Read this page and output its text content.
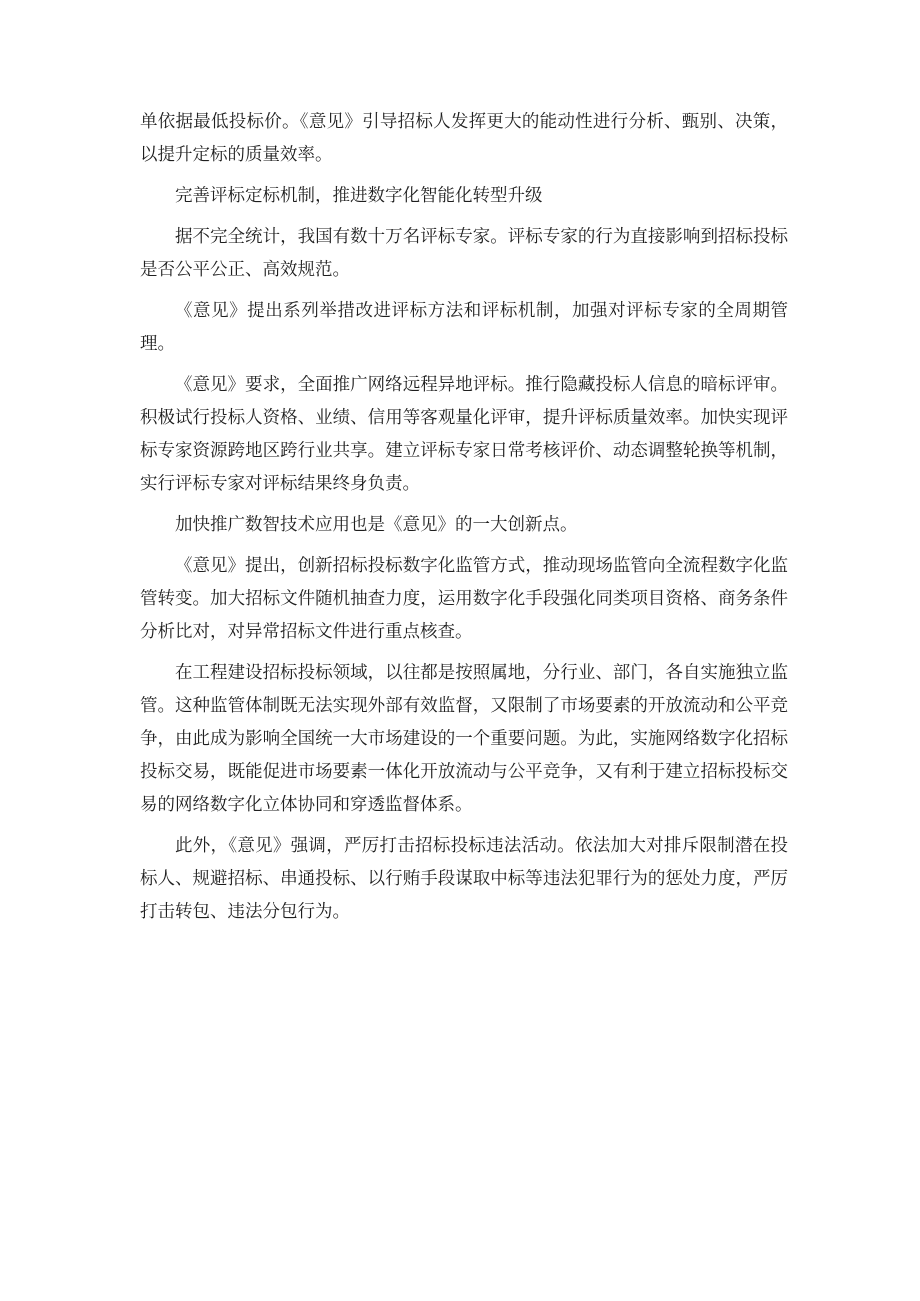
单依据最低投标价。《意见》引导招标人发挥更大的能动性进行分析、甄别、决策，以提升定标的质量效率。

完善评标定标机制，推进数字化智能化转型升级

据不完全统计，我国有数十万名评标专家。评标专家的行为直接影响到招标投标是否公平公正、高效规范。

《意见》提出系列举措改进评标方法和评标机制，加强对评标专家的全周期管理。

《意见》要求，全面推广网络远程异地评标。推行隐藏投标人信息的暗标评审。积极试行投标人资格、业绩、信用等客观量化评审，提升评标质量效率。加快实现评标专家资源跨地区跨行业共享。建立评标专家日常考核评价、动态调整轮换等机制，实行评标专家对评标结果终身负责。

加快推广数智技术应用也是《意见》的一大创新点。

《意见》提出，创新招标投标数字化监管方式，推动现场监管向全流程数字化监管转变。加大招标文件随机抽查力度，运用数字化手段强化同类项目资格、商务条件分析比对，对异常招标文件进行重点核查。

在工程建设招标投标领域，以往都是按照属地，分行业、部门，各自实施独立监管。这种监管体制既无法实现外部有效监督，又限制了市场要素的开放流动和公平竞争，由此成为影响全国统一大市场建设的一个重要问题。为此，实施网络数字化招标投标交易，既能促进市场要素一体化开放流动与公平竞争，又有利于建立招标投标交易的网络数字化立体协同和穿透监督体系。

此外，《意见》强调，严厉打击招标投标违法活动。依法加大对排斥限制潜在投标人、规避招标、串通投标、以行贿手段谋取中标等违法犯罪行为的惩处力度，严厉打击转包、违法分包行为。
